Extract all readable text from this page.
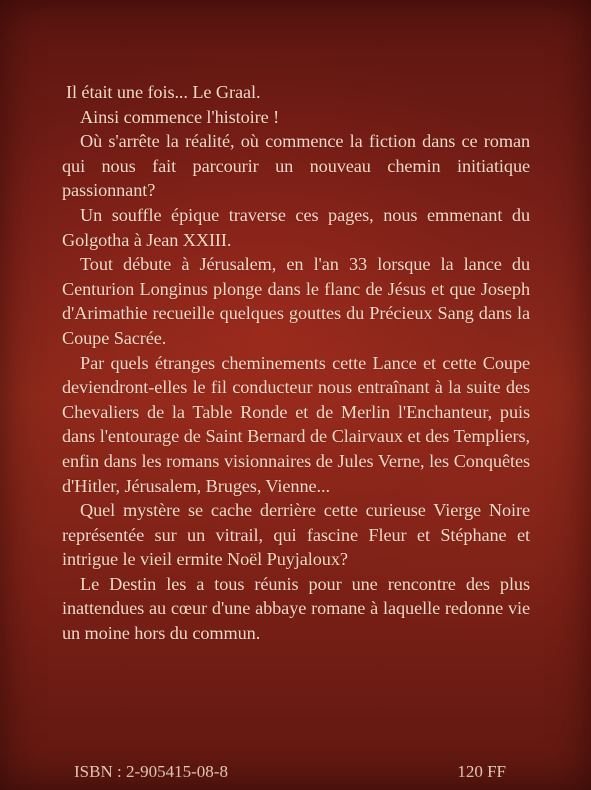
Il était une fois... Le Graal.

Ainsi commence l'histoire !

Où s'arrête la réalité, où commence la fiction dans ce roman qui nous fait parcourir un nouveau chemin initiatique passionnant?

Un souffle épique traverse ces pages, nous emmenant du Golgotha à Jean XXIII.

Tout débute à Jérusalem, en l'an 33 lorsque la lance du Centurion Longinus plonge dans le flanc de Jésus et que Joseph d'Arimathie recueille quelques gouttes du Précieux Sang dans la Coupe Sacrée.

Par quels étranges cheminements cette Lance et cette Coupe deviendront-elles le fil conducteur nous entraînant à la suite des Chevaliers de la Table Ronde et de Merlin l'Enchanteur, puis dans l'entourage de Saint Bernard de Clairvaux et des Templiers, enfin dans les romans visionnaires de Jules Verne, les Conquêtes d'Hitler, Jérusalem, Bruges, Vienne...

Quel mystère se cache derrière cette curieuse Vierge Noire représentée sur un vitrail, qui fascine Fleur et Stéphane et intrigue le vieil ermite Noël Puyjaloux?

Le Destin les a tous réunis pour une rencontre des plus inattendues au cœur d'une abbaye romane à laquelle redonne vie un moine hors du commun.

ISBN : 2-905415-08-8	120 FF
